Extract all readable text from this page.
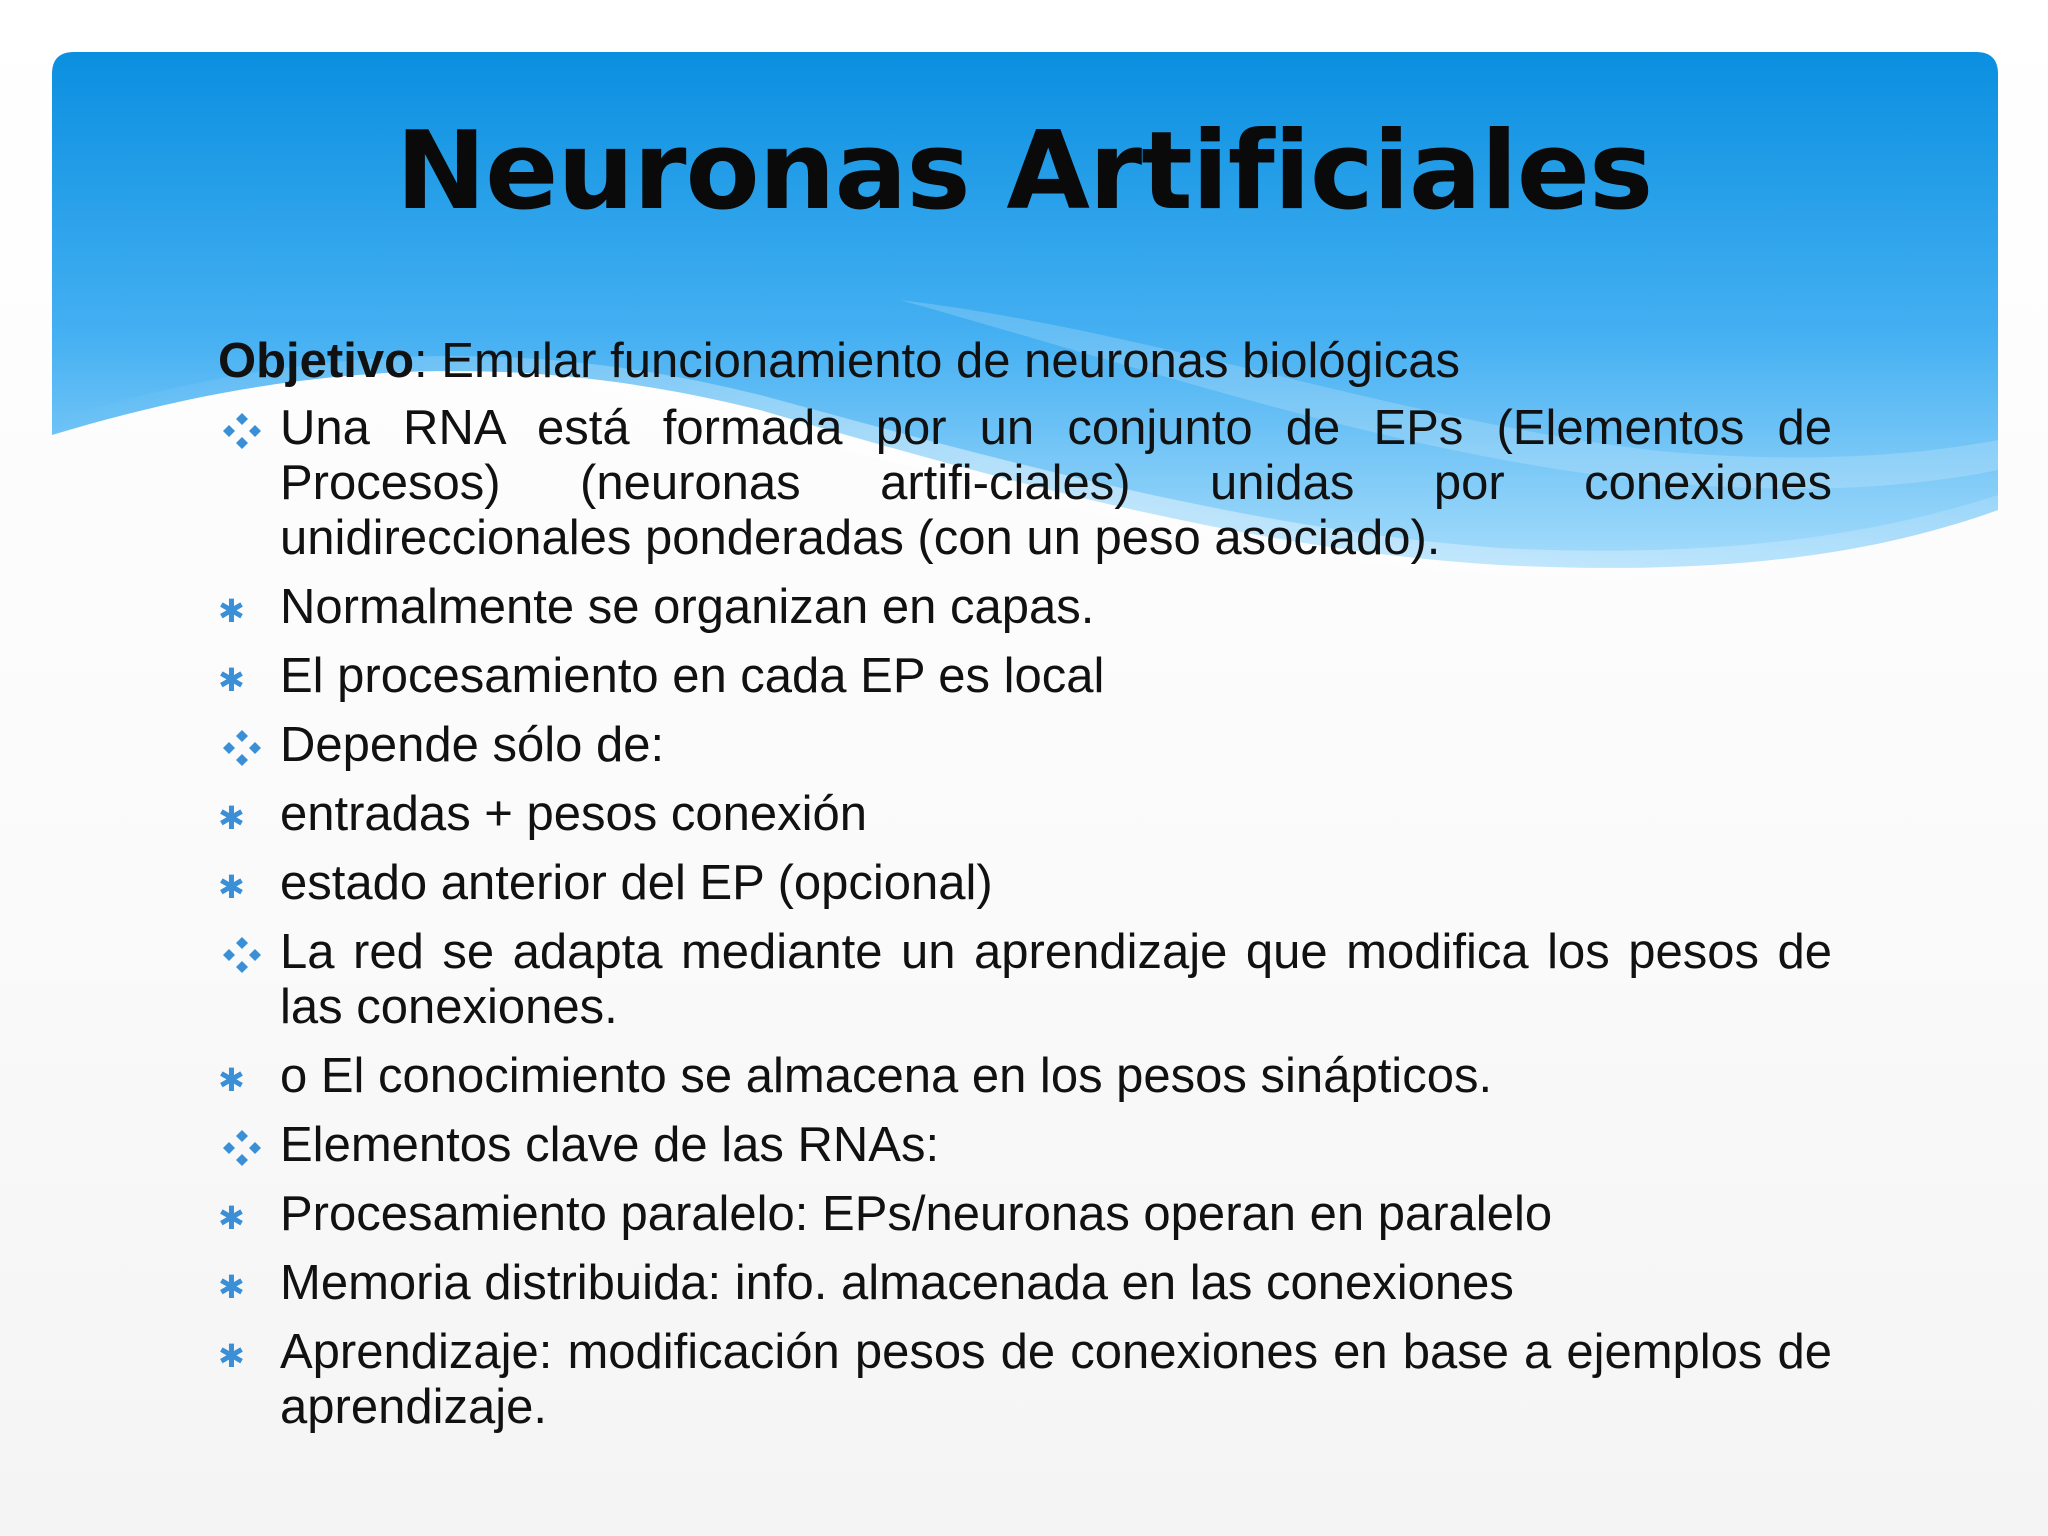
Neuronas Artificiales
Objetivo: Emular funcionamiento de neuronas biológicas
Una RNA está formada por un conjunto de EPs (Elementos de Procesos) (neuronas artifi-ciales) unidas por conexiones unidireccionales ponderadas (con un peso asociado).
✱ Normalmente se organizan en capas.
✱ El procesamiento en cada EP es local
Depende sólo de:
✱ entradas + pesos conexión
✱ estado anterior del EP (opcional)
La red se adapta mediante un aprendizaje que modifica los pesos de las conexiones.
✱ o El conocimiento se almacena en los pesos sinápticos.
Elementos clave de las RNAs:
✱ Procesamiento paralelo: EPs/neuronas operan en paralelo
✱ Memoria distribuida: info. almacenada en las conexiones
✱ Aprendizaje: modificación pesos de conexiones en base a ejemplos de aprendizaje.
